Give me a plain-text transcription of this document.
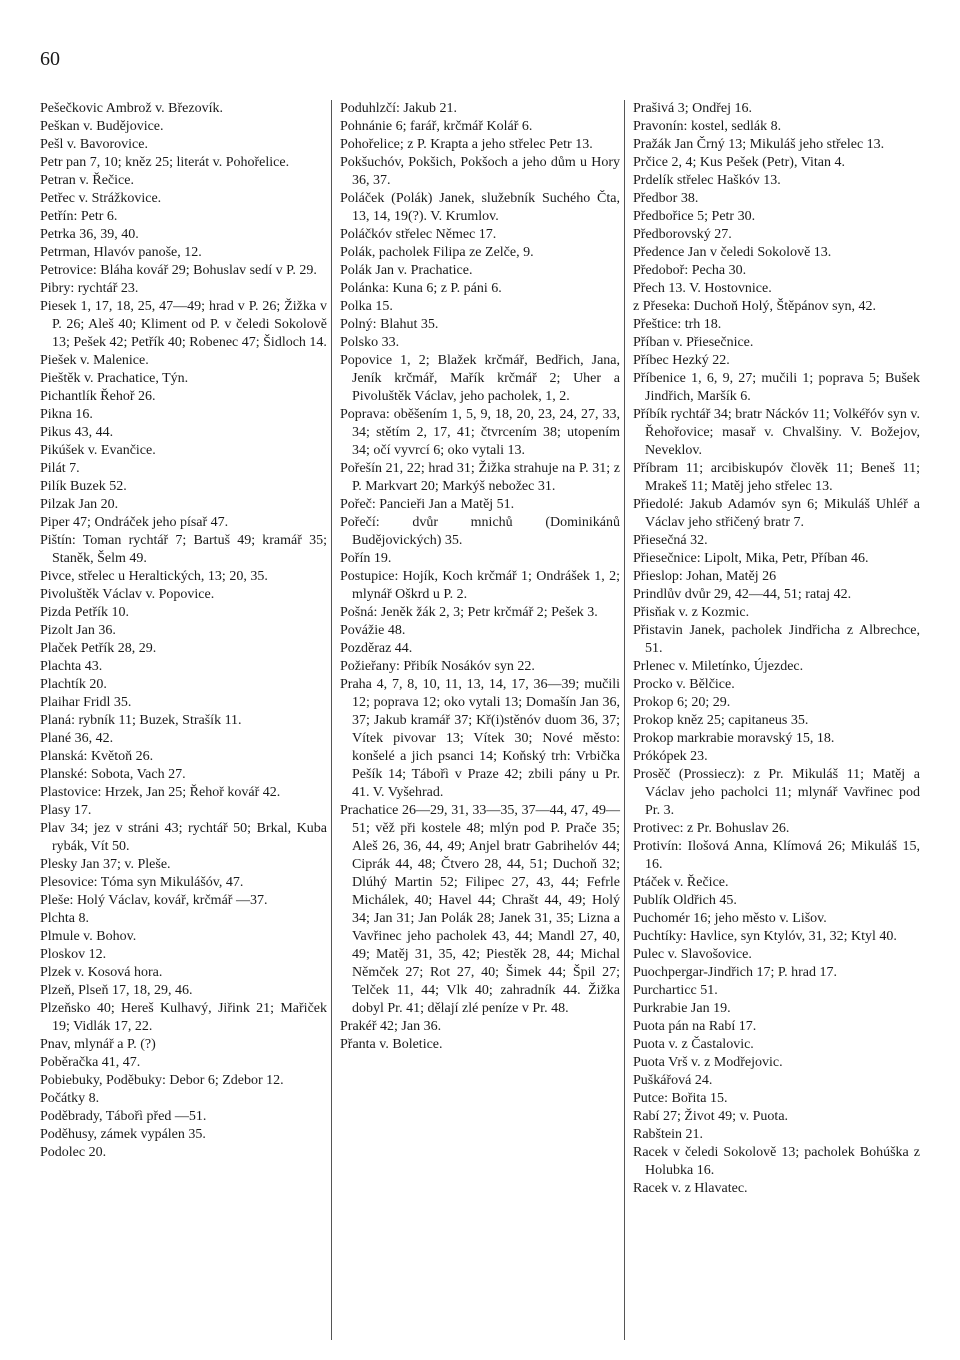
60

Pešečkovic Ambrož v. Březovík.

Peškan v. Budějovice.

Pešl v. Bavorovice.

Petr pan 7, 10; kněz 25; literát v. Pohořelice.

Petran v. Řečice.

Petřec v. Strážkovice.

Petřín: Petr 6.

Petrka 36, 39, 40.

Petrman, Hlavóv panoše, 12.

Petrovice: Bláha kovář 29; Bohuslav sedí v P. 29.

Pibry: rychtář 23.

Piesek 1, 17, 18, 25, 47—49; hrad v P. 26; Žižka v P. 26; Aleš 40; Kliment od P. v čeledi Sokolově 13; Pešek 42; Petřík 40; Robenec 47; Šidloch 14.

Piešek v. Malenice.

Pieštěk v. Prachatice, Týn.

Pichantlík Řehoř 26.

Pikna 16.

Pikus 43, 44.

Pikúšek v. Evančice.

Pilát 7.

Pilík Buzek 52.

Pilzak Jan 20.

Piper 47; Ondráček jeho písař 47.

Pištín: Toman rychtář 7; Bartuš 49; kramář 35; Staněk, Šelm 49.

Pivce, střelec u Heraltických, 13; 20, 35.

Pivoluštěk Václav v. Popovice.

Pizda Petřík 10.

Pizolt Jan 36.

Plaček Petřík 28, 29.

Plachta 43.

Plachtík 20.

Plaihar Fridl 35.

Planá: rybník 11; Buzek, Strašík 11.

Plané 36, 42.

Planská: Květoň 26.

Planské: Sobota, Vach 27.

Plastovice: Hrzek, Jan 25; Řehoř kovář 42.

Plasy 17.

Plav 34; jez v stráni 43; rychtář 50; Brkal, Kuba rybák, Vít 50.

Plesky Jan 37; v. Pleše.

Plesovice: Tóma syn Mikulášóv, 47.

Pleše: Holý Václav, kovář, krčmář —37.

Plchta 8.

Plmule v. Bohov.

Ploskov 12.

Plzek v. Kosová hora.

Plzeň, Plseň 17, 18, 29, 46.

Plzeňsko 40; Hereš Kulhavý, Jiřink 21; Mařiček 19; Vidlák 17, 22.

Pnav, mlynář a P. (?)

Poběračka 41, 47.

Pobiebuky, Poděbuky: Debor 6; Zdebor 12.

Počátky 8.

Poděbrady, Tábořì před —51.

Poděhusy, zámek vypálen 35.

Podolec 20.

Poduhlzčí: Jakub 21.

Pohnánie 6; farář, krčmář Kolář 6.

Pohořelice; z P. Krapta a jeho střelec Petr 13.

Pokšuchóv, Pokšich, Pokšoch a jeho dům u Hory 36, 37.

Poláček (Polák) Janek, služebník Suchého Čta, 13, 14, 19(?). V. Krumlov.

Poláčkóv střelec Němec 17.

Polák, pacholek Filipa ze Zelče, 9.

Polák Jan v. Prachatice.

Polánka: Kuna 6; z P. páni 6.

Polka 15.

Polný: Blahut 35.

Polsko 33.

Popovice 1, 2; Blažek krčmář, Bedřich, Jana, Jeník krčmář, Mařík krčmář 2; Uher a Pivoluštěk Václav, jeho pacholek, 1, 2.

Poprava: oběšením 1, 5, 9, 18, 20, 23, 24, 27, 33, 34; stětím 2, 17, 41; čtvrcením 38; utopením 34; očí vyvrcí 6; oko vytali 13.

Pořešín 21, 22; hrad 31; Žižka strahuje na P. 31; z P. Markvart 20; Markýš nebožec 31.

Pořeč: Pancieři Jan a Matěj 51.

Pořečí: dvůr mnichů (Dominikánů Budějovických) 35.

Pořín 19.

Postupice: Hojík, Koch krčmář 1; Ondrášek 1, 2; mlynář Oškrd u P. 2.

Pošná: Jeněk žák 2, 3; Petr krčmář 2; Pešek 3.

Povážie 48.

Pozděraz 44.

Požieřany: Přibík Nosákóv syn 22.

Praha 4, 7, 8, 10, 11, 13, 14, 17, 36—39; mučili 12; poprava 12; oko vytali 13; Domašín Jan 36, 37; Jakub kramář 37; Kř(i)stěnóv duom 36, 37; Vítek pivovar 13; Vítek 30; Nové město: konšelé a jich psanci 14; Koňský trh: Vrbička Pešík 14; Tábořì v Praze 42; zbili pány u Pr. 41. V. Vyšehrad.

Prachatice 26—29, 31, 33—35, 37—44, 47, 49—51; věž při kostele 48; mlýn pod P. Prače 35; Aleš 26, 36, 44, 49; Anjel bratr Gabrihelóv 44; Ciprák 44, 48; Čtvero 28, 44, 51; Duchoň 32; Dlúhý Martin 52; Filipec 27, 43, 44; Fefrle Michálek, 40; Havel 44; Chrašt 44, 49; Holý 34; Jan 31; Jan Polák 28; Janek 31, 35; Lizna a Vavřinec jeho pacholek 43, 44; Mandl 27, 40, 49; Matěj 31, 35, 42; Piestěk 28, 44; Michal Němček 27; Rot 27, 40; Šimek 44; Špil 27; Telček 11, 44; Vlk 40; zahradník 44. Žižka dobyl Pr. 41; dělají zlé peníze v Pr. 48.

Prakéř 42; Jan 36.

Přanta v. Boletice.

Prašivá 3; Ondřej 16.

Pravonín: kostel, sedlák 8.

Pražák Jan Črný 13; Mikuláš jeho střelec 13.

Prčice 2, 4; Kus Pešek (Petr), Vitan 4.

Prdelík střelec Haškóv 13.

Předbor 38.

Předbořice 5; Petr 30.

Předborovský 27.

Předence Jan v čeledi Sokolově 13.

Předoboř: Pecha 30.

Přech 13. V. Hostovnice.

z Přeseka: Duchoň Holý, Štěpánov syn, 42.

Přeštice: trh 18.

Příban v. Přiesečnice.

Příbec Hezký 22.

Příbenice 1, 6, 9, 27; mučili 1; poprava 5; Bušek Jindřich, Maršík 6.

Příbík rychtář 34; bratr Náckóv 11; Volkéřóv syn v. Řehořovice; masař v. Chvalšiny. V. Božejov, Neveklov.

Příbram 11; arcibiskupóv člověk 11; Beneš 11; Mrakeš 11; Matěj jeho střelec 13.

Přiedolé: Jakub Adamóv syn 6; Mikuláš Uhléř a Václav jeho střičený bratr 7.

Přiesečná 32.

Přiesečnice: Lipolt, Mika, Petr, Příban 46.

Přieslop: Johan, Matěj 26

Prindlův dvůr 29, 42—44, 51; rataj 42.

Přisňak v. z Kozmic.

Přistavin Janek, pacholek Jindřicha z Albrechce, 51.

Prlenec v. Miletínko, Újezdec.

Procko v. Bělčice.

Prokop 6; 20; 29.

Prokop kněz 25; capitaneus 35.

Prokop markrabie moravský 15, 18.

Prókópek 23.

Prosěč (Prossiecz): z Pr. Mikuláš 11; Matěj a Václav jeho pacholci 11; mlynář Vavřinec pod Pr. 3.

Protivec: z Pr. Bohuslav 26.

Protivín: Ilošová Anna, Klímová 26; Mikuláš 15, 16.

Ptáček v. Řečice.

Publík Oldřich 45.

Puchomér 16; jeho město v. Lišov.

Puchtíky: Havlice, syn Ktylóv, 31, 32; Ktyl 40.

Pulec v. Slavošovice.

Puochpergar-Jindřich 17; P. hrad 17.

Purcharticc 51.

Purkrabie Jan 19.

Puota pán na Rabí 17.

Puota v. z Častalovic.

Puota Vrš v. z Modřejovic.

Puškářová 24.

Putce: Bořita 15.

Rabí 27; Život 49; v. Puota.

Rabštein 21.

Racek v čeledi Sokolově 13; pacholek Bohúška z Holubka 16.

Racek v. z Hlavatec.
